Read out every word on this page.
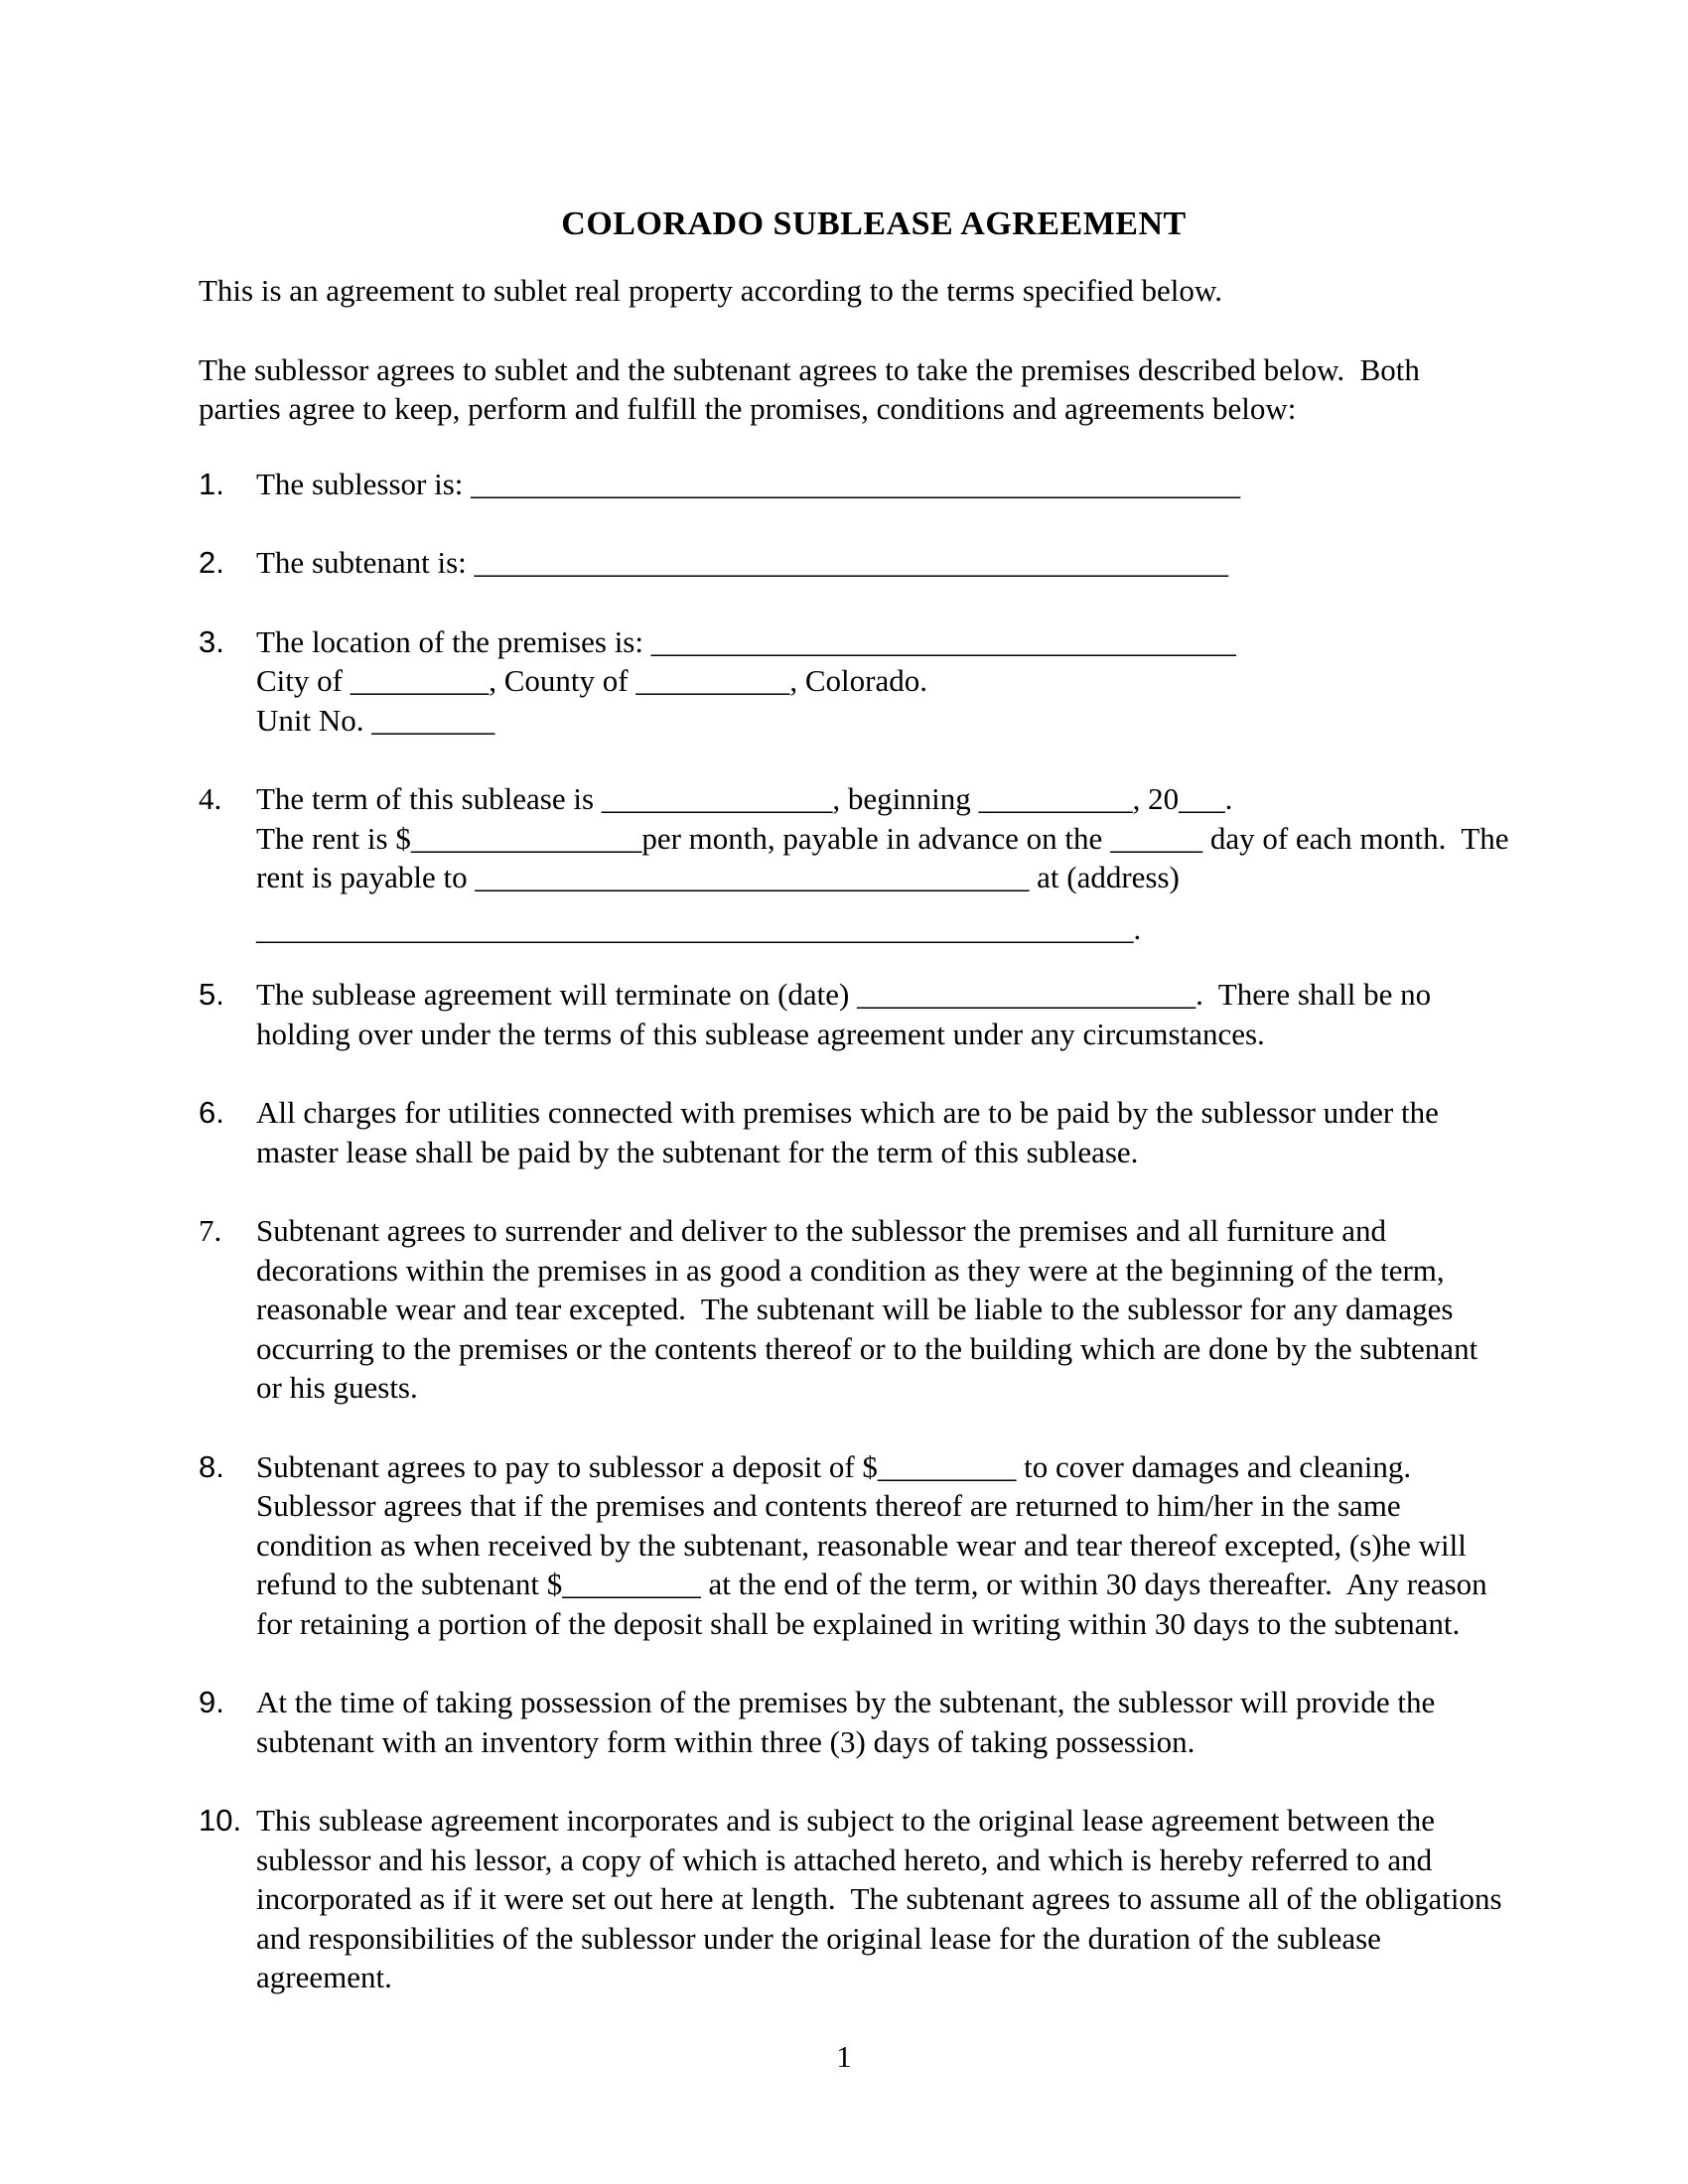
COLORADO SUBLEASE AGREEMENT
This is an agreement to sublet real property according to the terms specified below.
The sublessor agrees to sublet and the subtenant agrees to take the premises described below.  Both
parties agree to keep, perform and fulfill the promises, conditions and agreements below:
1.	The sublessor is: __________________________________________________
2.	The subtenant is: _________________________________________________
3.	The location of the premises is: ______________________________________
City of _________, County of __________, Colorado.
Unit No. ________
4.	The term of this sublease is _______________, beginning __________, 20___.
The rent is $_______________per month, payable in advance on the ______ day of each month.  The
rent is payable to ____________________________________ at (address)
_________________________________________________________.
5.	The sublease agreement will terminate on (date) ______________________.  There shall be no
holding over under the terms of this sublease agreement under any circumstances.
6.	All charges for utilities connected with premises which are to be paid by the sublessor under the
master lease shall be paid by the subtenant for the term of this sublease.
7.	Subtenant agrees to surrender and deliver to the sublessor the premises and all furniture and
decorations within the premises in as good a condition as they were at the beginning of the term,
reasonable wear and tear excepted.  The subtenant will be liable to the sublessor for any damages
occurring to the premises or the contents thereof or to the building which are done by the subtenant
or his guests.
8.	Subtenant agrees to pay to sublessor a deposit of $_________ to cover damages and cleaning.
Sublessor agrees that if the premises and contents thereof are returned to him/her in the same
condition as when received by the subtenant, reasonable wear and tear thereof excepted, (s)he will
refund to the subtenant $_________ at the end of the term, or within 30 days thereafter.  Any reason
for retaining a portion of the deposit shall be explained in writing within 30 days to the subtenant.
9.	At the time of taking possession of the premises by the subtenant, the sublessor will provide the
subtenant with an inventory form within three (3) days of taking possession.
10. This sublease agreement incorporates and is subject to the original lease agreement between the
sublessor and his lessor, a copy of which is attached hereto, and which is hereby referred to and
incorporated as if it were set out here at length.  The subtenant agrees to assume all of the obligations
and responsibilities of the sublessor under the original lease for the duration of the sublease
agreement.
1
